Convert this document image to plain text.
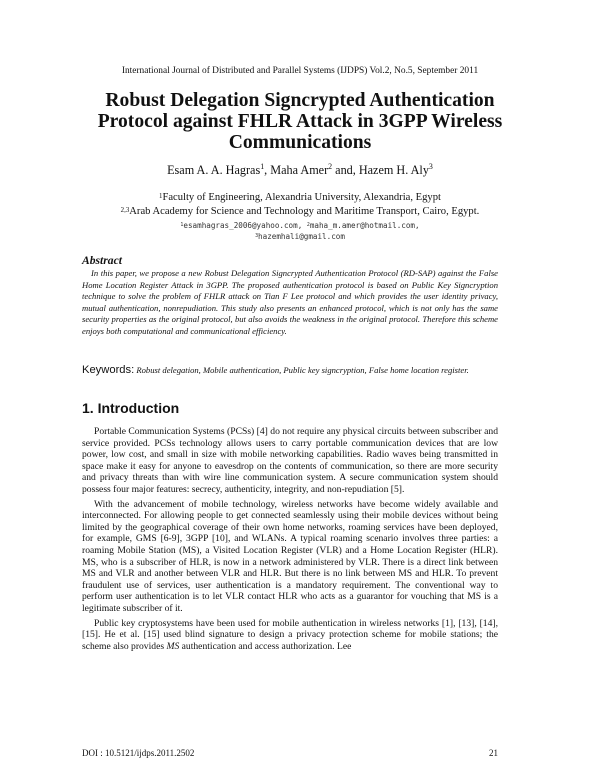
International Journal of Distributed and Parallel Systems (IJDPS) Vol.2, No.5, September 2011
Robust Delegation Signcrypted Authentication Protocol against FHLR Attack in 3GPP Wireless Communications
Esam A. A. Hagras$^1$, Maha Amer$^2$ and, Hazem H. Aly$^3$
$^1$Faculty of Engineering, Alexandria University, Alexandria, Egypt
$^{2,3}$Arab Academy for Science and Technology and Maritime Transport, Cairo, Egypt.
$^1$esamhagras_2006@yahoo.com, $^2$maha_m.amer@hotmail.com,
$^3$hazemhali@gmail.com
Abstract
In this paper, we propose a new Robust Delegation Signcrypted Authentication Protocol (RD-SAP) against the False Home Location Register Attack in 3GPP. The proposed authentication protocol is based on Public Key Signcryption technique to solve the problem of FHLR attack on Tian F Lee protocol and which provides the user identity privacy, mutual authentication, nonrepudiation. This study also presents an enhanced protocol, which is not only has the same security properties as the original protocol, but also avoids the weakness in the original protocol. Therefore this scheme enjoys both computational and communicational efficiency.
Keywords: Robust delegation, Mobile authentication, Public key signcryption, False home location register.
1. Introduction

Portable Communication Systems (PCSs) [4] do not require any physical circuits between subscriber and service provided. PCSs technology allows users to carry portable communication devices that are low power, low cost, and small in size with mobile networking capabilities. Radio waves being transmitted in space make it easy for anyone to eavesdrop on the contents of communication, so there are more security and privacy threats than with wire line communication system. A secure communication system should possess four major features: secrecy, authenticity, integrity, and non-repudiation [5].

With the advancement of mobile technology, wireless networks have become widely available and interconnected. For allowing people to get connected seamlessly using their mobile devices without being limited by the geographical coverage of their own home networks, roaming services have been deployed, for example, GMS [6-9], 3GPP [10], and WLANs. A typical roaming scenario involves three parties: a roaming Mobile Station (MS), a Visited Location Register (VLR) and a Home Location Register (HLR). MS, who is a subscriber of HLR, is now in a network administered by VLR. There is a direct link between MS and VLR and another between VLR and HLR. But there is no link between MS and HLR. To prevent fraudulent use of services, user authentication is a mandatory requirement. The conventional way to perform user authentication is to let VLR contact HLR who acts as a guarantor for vouching that MS is a legitimate subscriber of it.

Public key cryptosystems have been used for mobile authentication in wireless networks [1], [13], [14], [15]. He et al. [15] used blind signature to design a privacy protection scheme for mobile stations; the scheme also provides MS authentication and access authorization. Lee

DOI : 10.5121/ijdps.2011.2502	21
